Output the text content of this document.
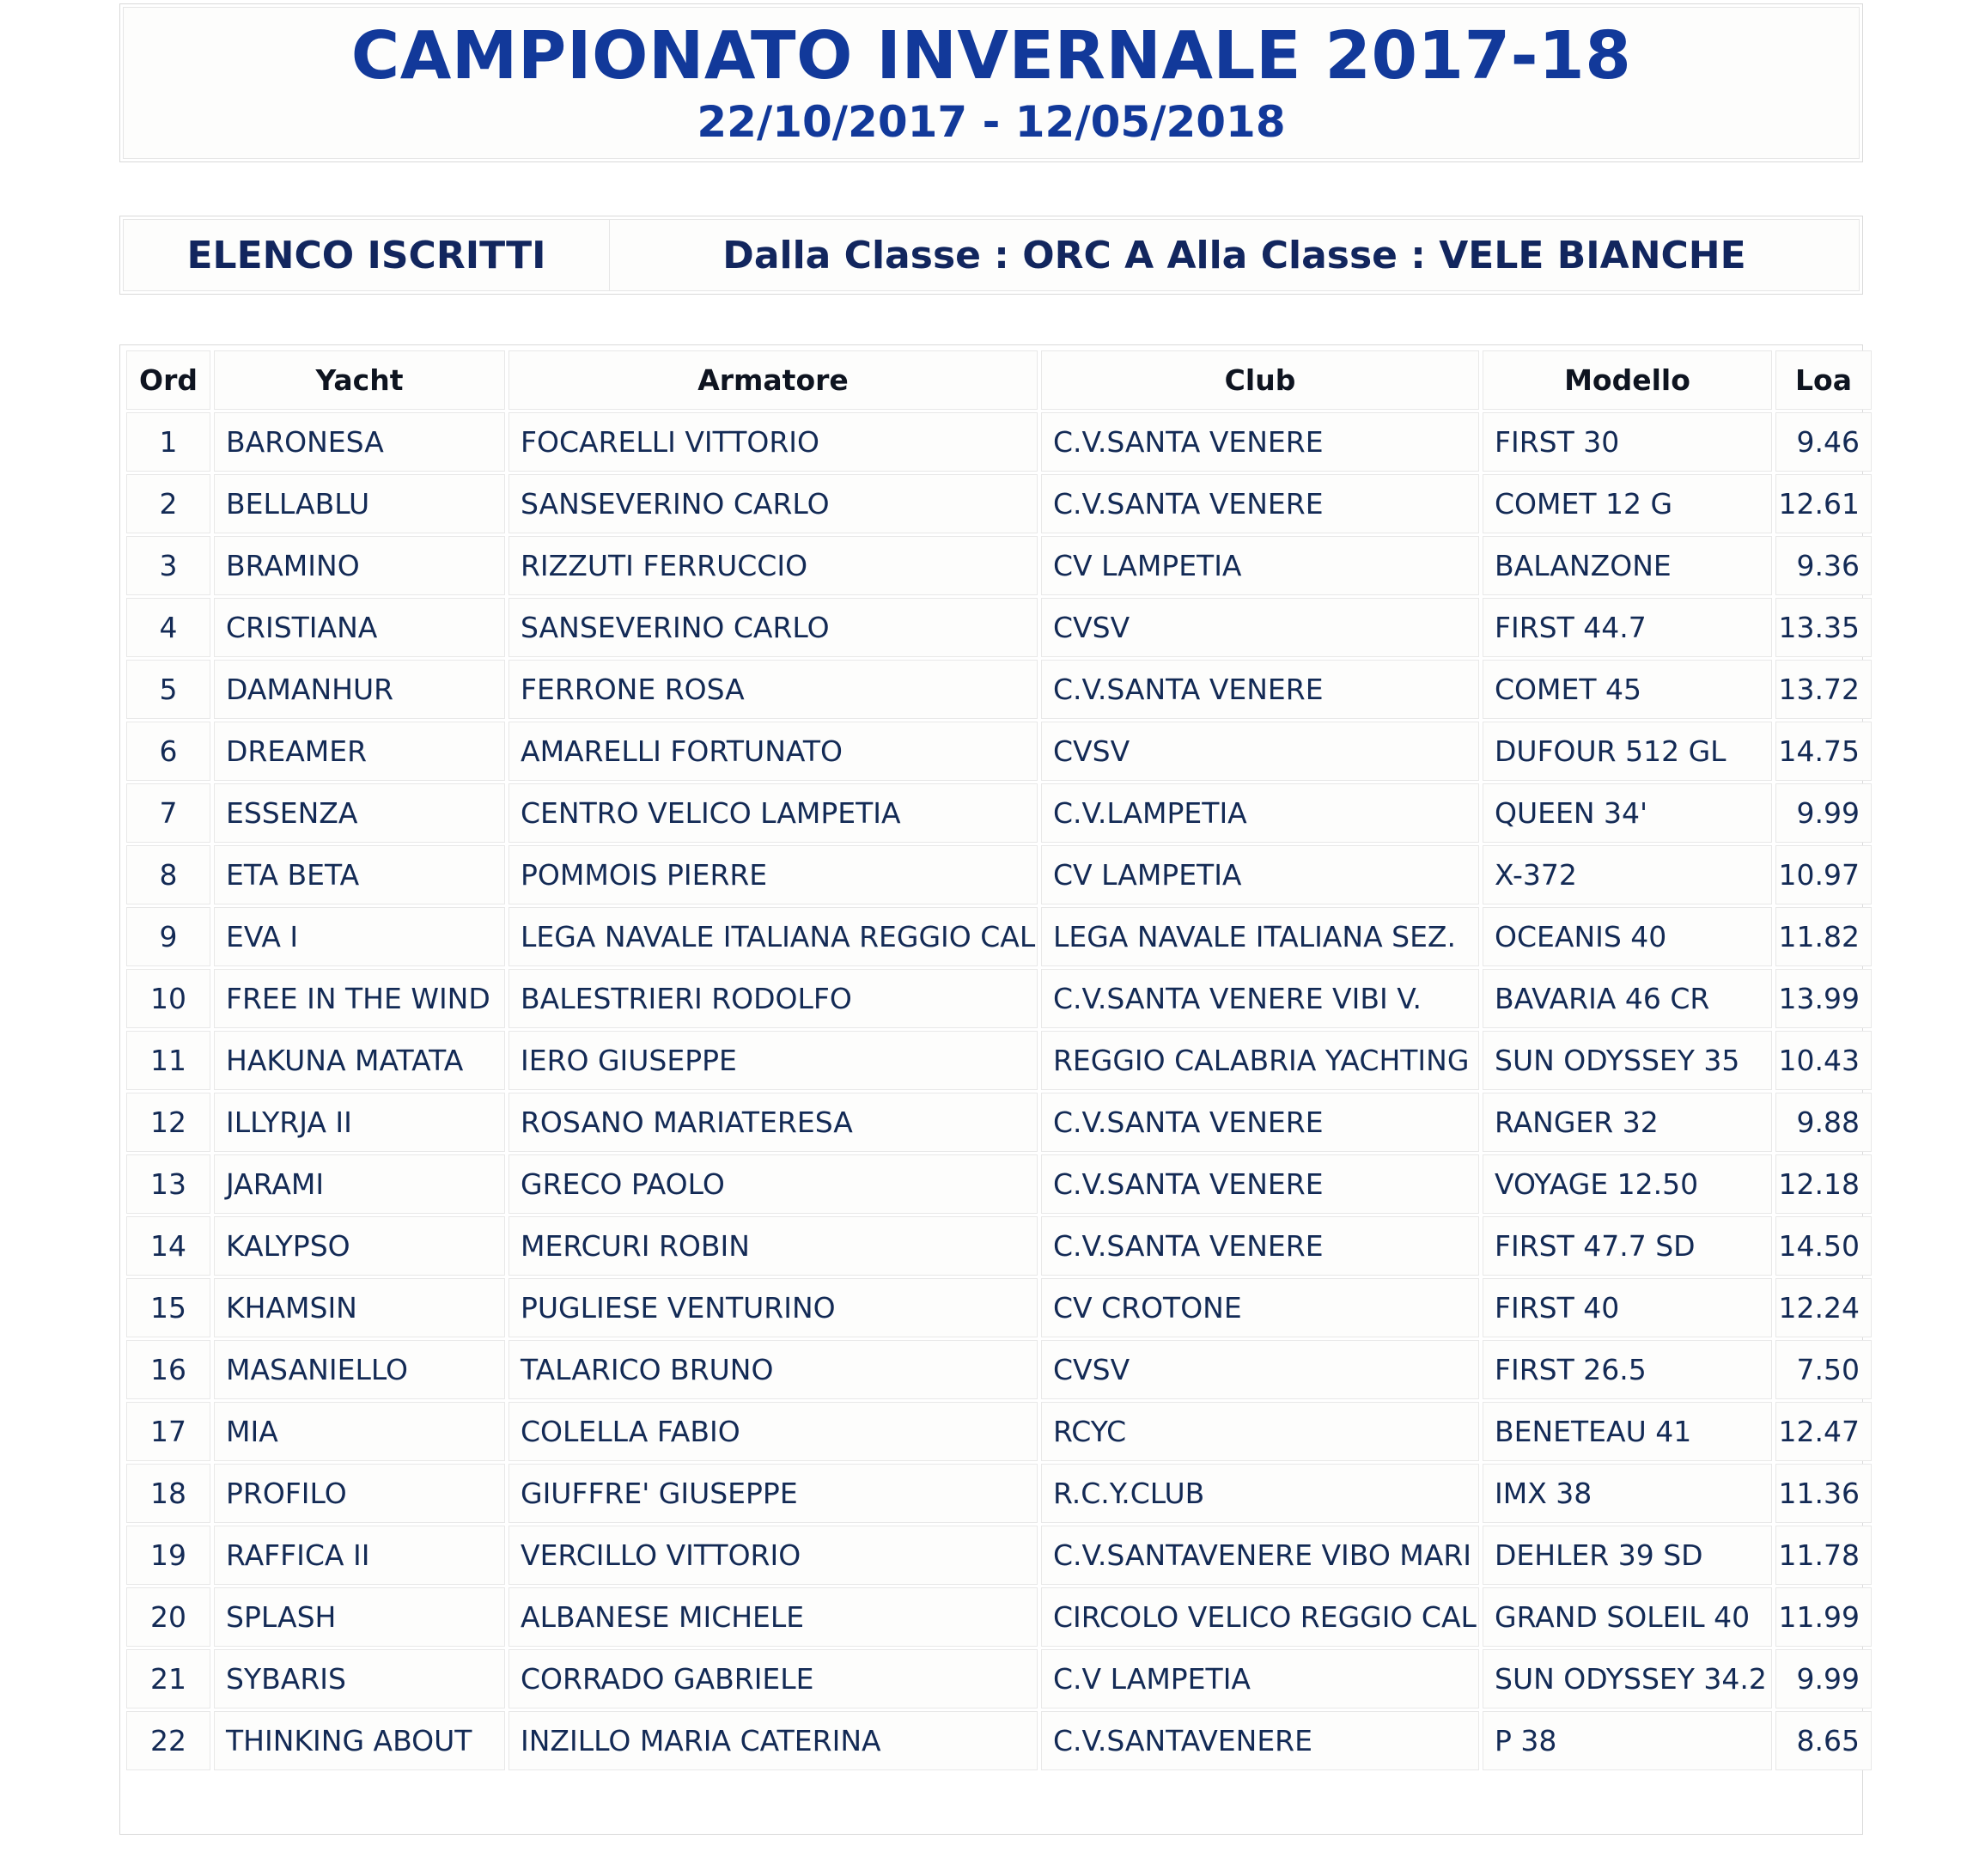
CAMPIONATO INVERNALE 2017-18
22/10/2017 - 12/05/2018
ELENCO ISCRITTI	Dalla Classe : ORC A Alla Classe : VELE BIANCHE
Ord	Yacht	Armatore	Club	Modello	Loa
1	BARONESA	FOCARELLI VITTORIO	C.V.SANTA VENERE	FIRST 30	9.46
2	BELLABLU	SANSEVERINO CARLO	C.V.SANTA VENERE	COMET 12 G	12.61
3	BRAMINO	RIZZUTI FERRUCCIO	CV LAMPETIA	BALANZONE	9.36
4	CRISTIANA	SANSEVERINO CARLO	CVSV	FIRST 44.7	13.35
5	DAMANHUR	FERRONE ROSA	C.V.SANTA VENERE	COMET 45	13.72
6	DREAMER	AMARELLI FORTUNATO	CVSV	DUFOUR 512 GL	14.75
7	ESSENZA	CENTRO VELICO LAMPETIA	C.V.LAMPETIA	QUEEN 34'	9.99
8	ETA BETA	POMMOIS PIERRE	CV LAMPETIA	X-372	10.97
9	EVA I	LEGA NAVALE ITALIANA REGGIO CAL	LEGA NAVALE ITALIANA SEZ.	OCEANIS 40	11.82
10	FREE IN THE WIND	BALESTRIERI RODOLFO	C.V.SANTA VENERE VIBI V.	BAVARIA 46 CR	13.99
11	HAKUNA MATATA	IERO GIUSEPPE	REGGIO CALABRIA YACHTING	SUN ODYSSEY 35	10.43
12	ILLYRJA II	ROSANO MARIATERESA	C.V.SANTA VENERE	RANGER 32	9.88
13	JARAMI	GRECO PAOLO	C.V.SANTA VENERE	VOYAGE 12.50	12.18
14	KALYPSO	MERCURI ROBIN	C.V.SANTA VENERE	FIRST 47.7 SD	14.50
15	KHAMSIN	PUGLIESE VENTURINO	CV CROTONE	FIRST 40	12.24
16	MASANIELLO	TALARICO BRUNO	CVSV	FIRST 26.5	7.50
17	MIA	COLELLA FABIO	RCYC	BENETEAU 41	12.47
18	PROFILO	GIUFFRE' GIUSEPPE	R.C.Y.CLUB	IMX 38	11.36
19	RAFFICA II	VERCILLO VITTORIO	C.V.SANTAVENERE VIBO MARI	DEHLER 39 SD	11.78
20	SPLASH	ALBANESE MICHELE	CIRCOLO VELICO REGGIO CAL	GRAND SOLEIL 40	11.99
21	SYBARIS	CORRADO GABRIELE	C.V LAMPETIA	SUN ODYSSEY 34.2	9.99
22	THINKING ABOUT	INZILLO MARIA CATERINA	C.V.SANTAVENERE	P 38	8.65
